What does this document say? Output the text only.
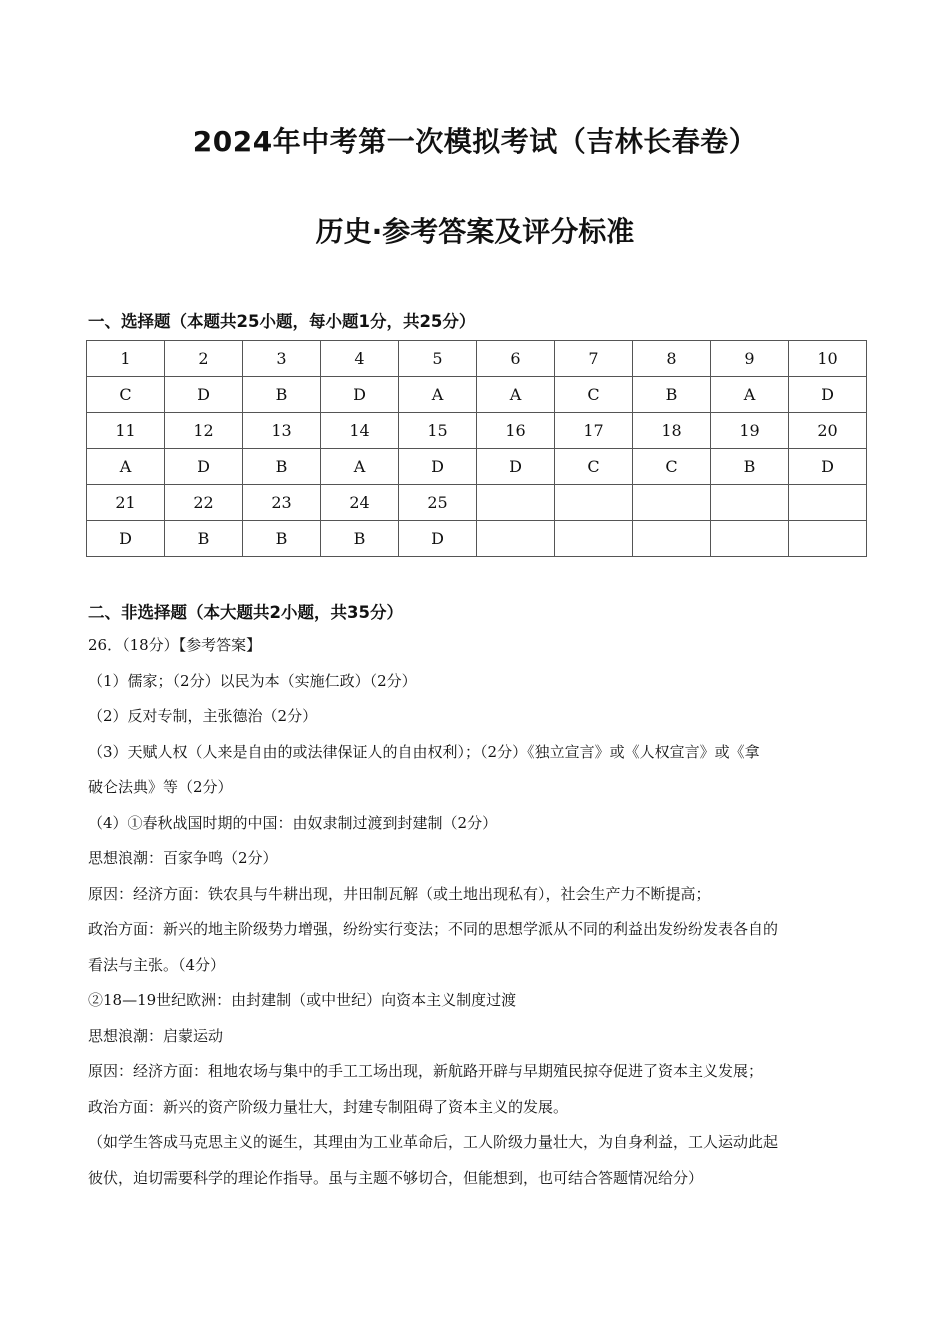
2024年中考第一次模拟考试（吉林长春卷）
历史·参考答案及评分标准
一、选择题（本题共25小题，每小题1分，共25分）
1	2	3	4	5	6	7	8	9	10
C	D	B	D	A	A	C	B	A	D
11	12	13	14	15	16	17	18	19	20
A	D	B	A	D	D	C	C	B	D
21	22	23	24	25					
D	B	B	B	D					
二、非选择题（本大题共2小题，共35分）
26．（18分）【参考答案】
（1）儒家；（2分）以民为本（实施仁政）（2分）
（2）反对专制，主张德治（2分）
（3）天赋人权（人来是自由的或法律保证人的自由权利）；（2分）《独立宣言》或《人权宣言》或《拿
破仑法典》等（2分）
（4）①春秋战国时期的中国：由奴隶制过渡到封建制（2分）
思想浪潮：百家争鸣（2分）
原因：经济方面：铁农具与牛耕出现，井田制瓦解（或土地出现私有），社会生产力不断提高；
政治方面：新兴的地主阶级势力增强，纷纷实行变法；不同的思想学派从不同的利益出发纷纷发表各自的
看法与主张。（4分）
②18—19世纪欧洲：由封建制（或中世纪）向资本主义制度过渡
思想浪潮：启蒙运动
原因：经济方面：租地农场与集中的手工工场出现，新航路开辟与早期殖民掠夺促进了资本主义发展；
政治方面：新兴的资产阶级力量壮大，封建专制阻碍了资本主义的发展。
（如学生答成马克思主义的诞生，其理由为工业革命后，工人阶级力量壮大，为自身利益，工人运动此起
彼伏，迫切需要科学的理论作指导。虽与主题不够切合，但能想到，也可结合答题情况给分）
